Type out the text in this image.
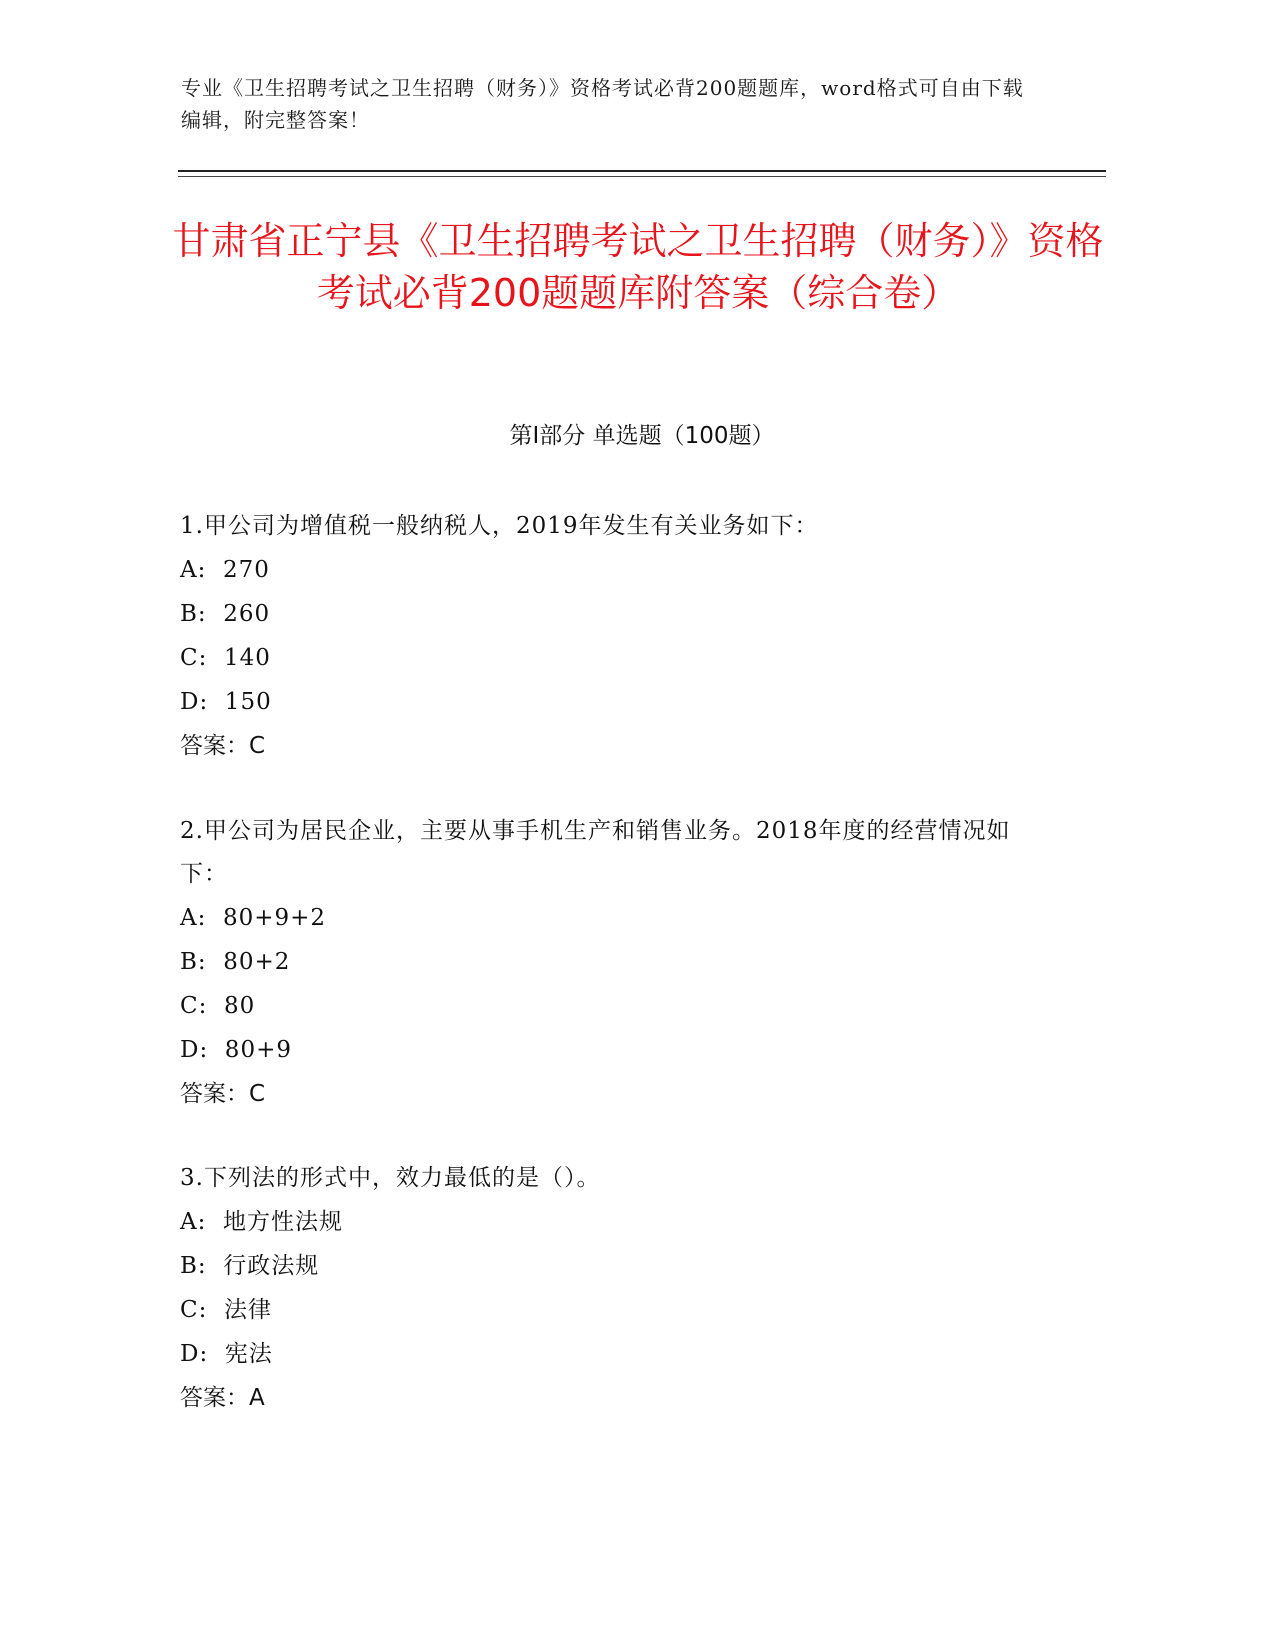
专业《卫生招聘考试之卫生招聘（财务）》资格考试必背200题题库，word格式可自由下载编辑，附完整答案！
甘肃省正宁县《卫生招聘考试之卫生招聘（财务）》资格考试必背200题题库附答案（综合卷）
第Ⅰ部分 单选题（100题）

1.甲公司为增值税一般纳税人，2019年发生有关业务如下：

A:  270

B:  260

C:  140

D:  150

答案：C

2.甲公司为居民企业，主要从事手机生产和销售业务。2018年度的经营情况如下：

A:  80+9+2

B:  80+2

C:  80

D:  80+9

答案：C

3.下列法的形式中，效力最低的是（）。

A:  地方性法规

B:  行政法规

C:  法律

D:  宪法

答案：A
